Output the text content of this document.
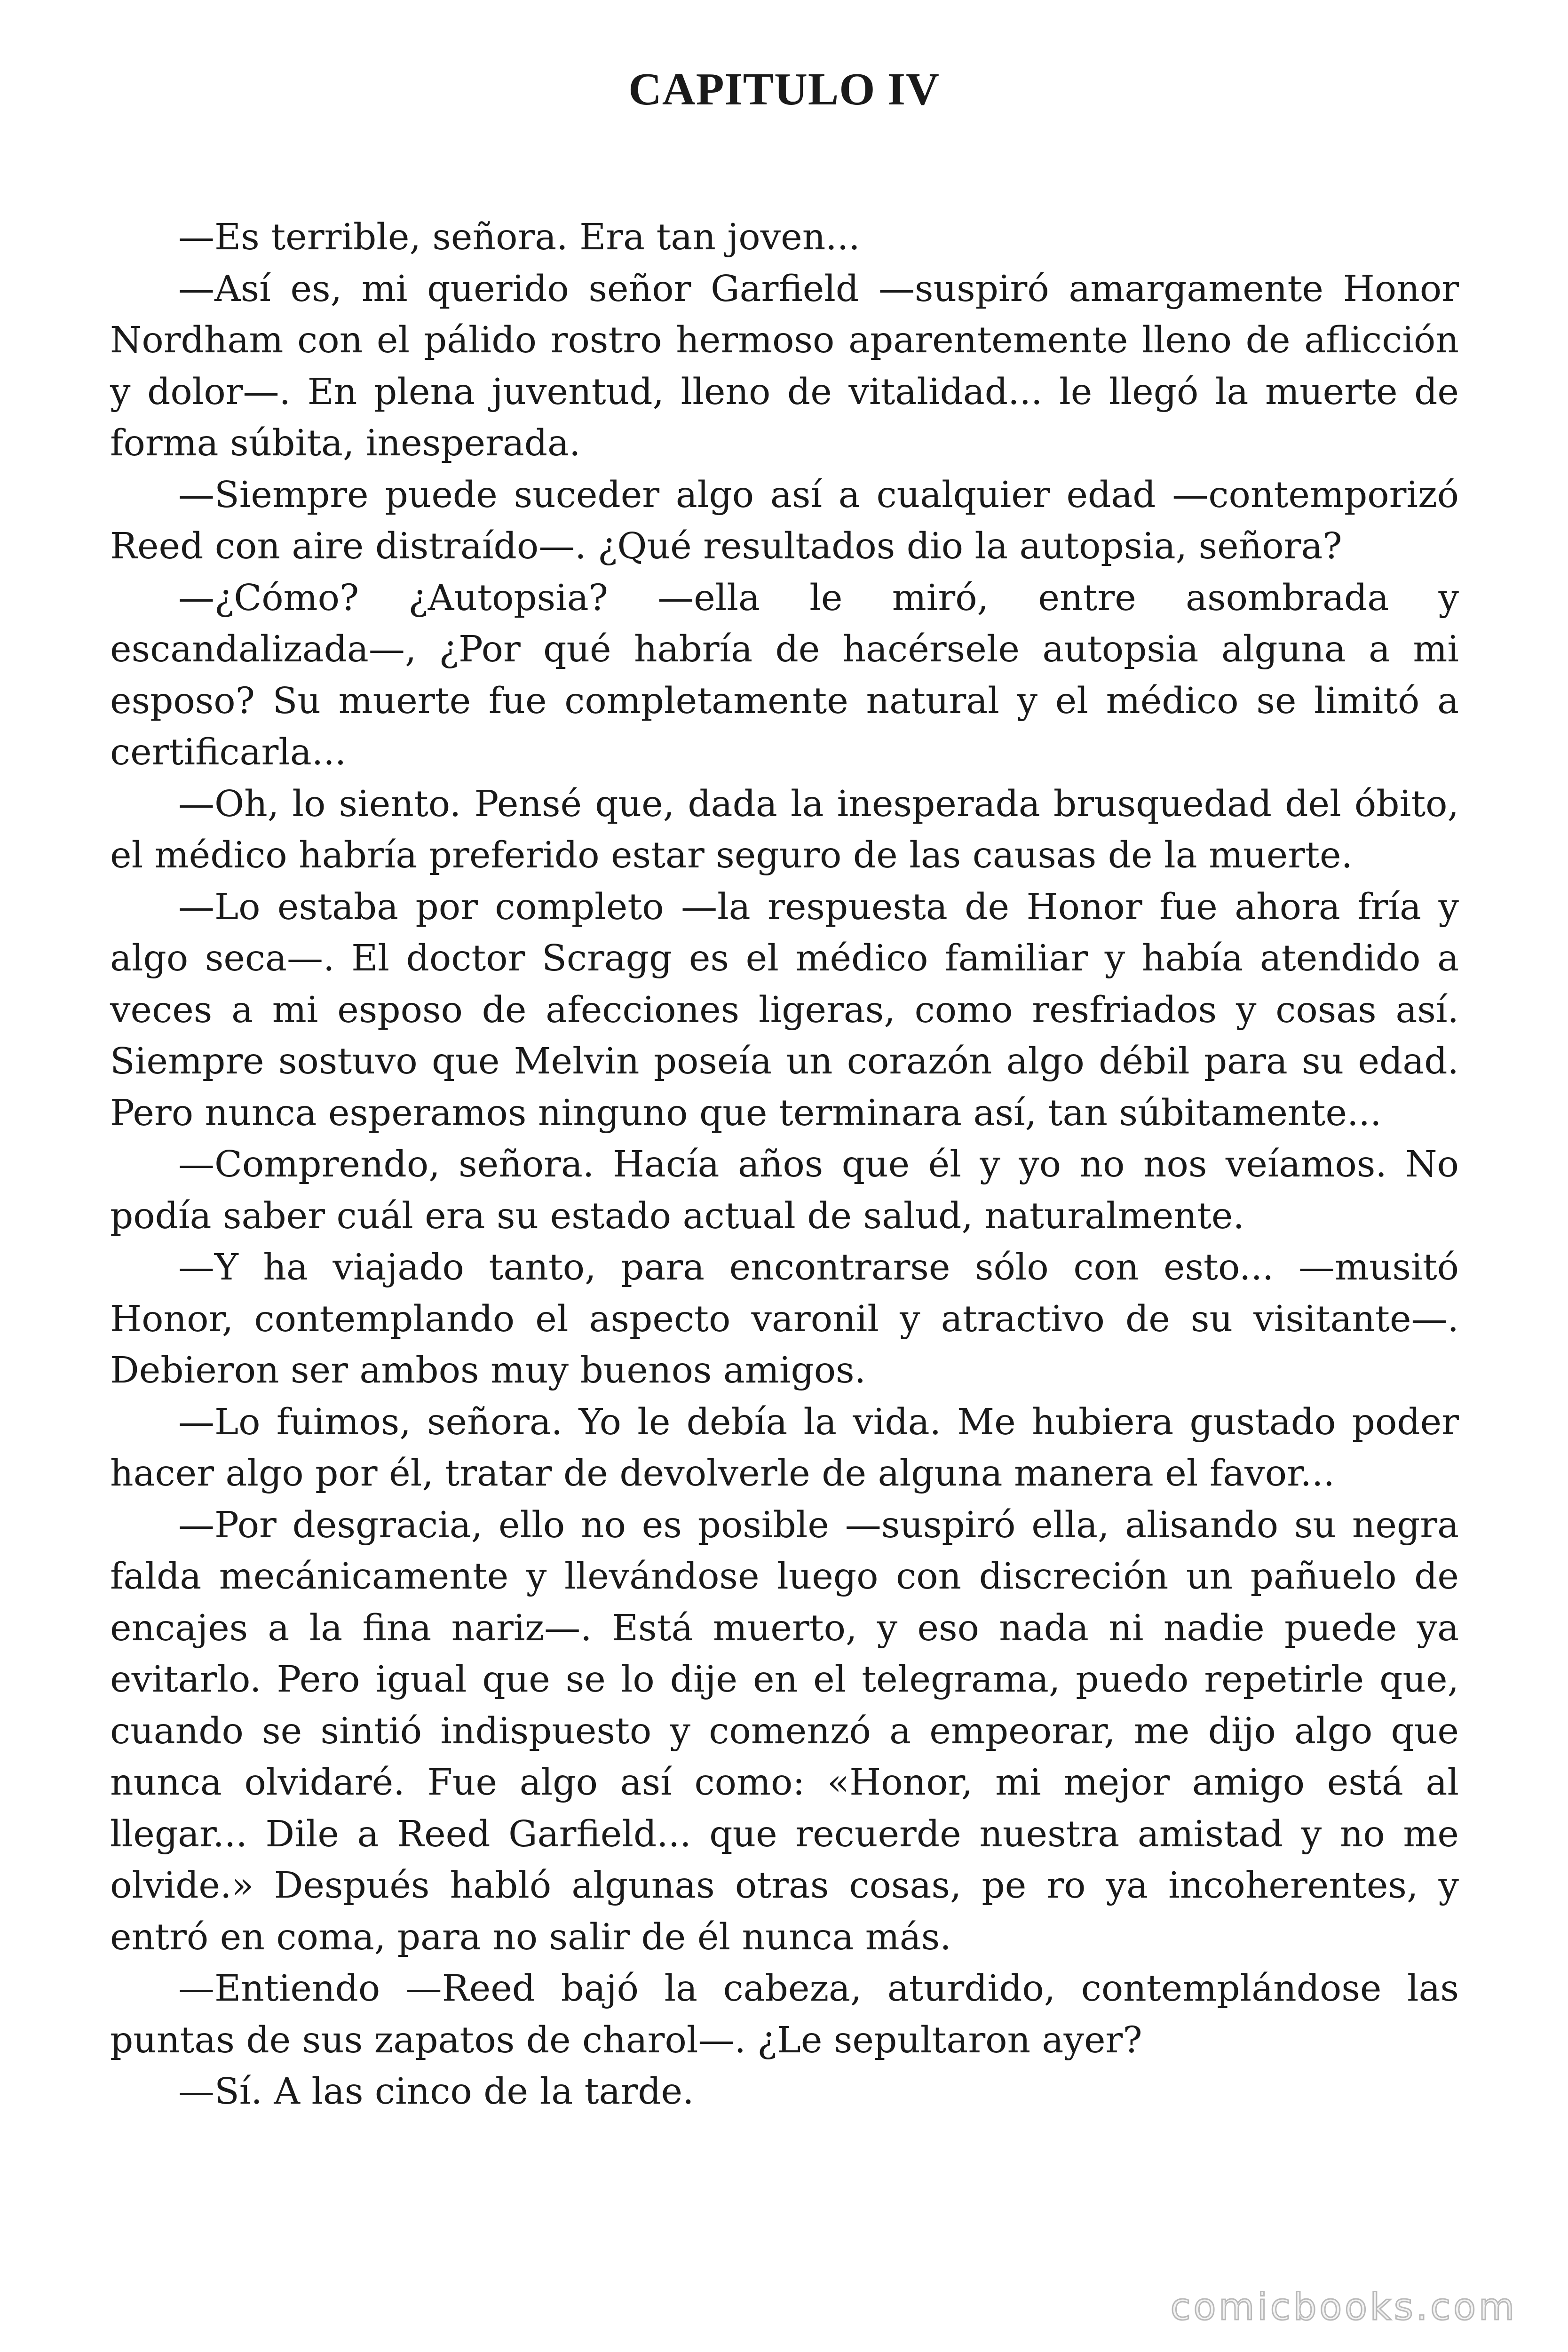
CAPITULO IV

—Es terrible, señora. Era tan joven...

—Así es, mi querido señor Garfield —suspiró amargamente Honor Nordham con el pálido rostro hermoso aparentemente lleno de aflicción y dolor—. En plena juventud, lleno de vitalidad... le llegó la muerte de forma súbita, inesperada.

—Siempre puede suceder algo así a cualquier edad —contemporizó Reed con aire distraído—. ¿Qué resultados dio la autopsia, señora?

—¿Cómo? ¿Autopsia? —ella le miró, entre asombrada y escandalizada—, ¿Por qué habría de hacérsele autopsia alguna a mi esposo? Su muerte fue completamente natural y el médico se limitó a certificarla...

—Oh, lo siento. Pensé que, dada la inesperada brusquedad del óbito, el médico habría preferido estar seguro de las causas de la muerte.

—Lo estaba por completo —la respuesta de Honor fue ahora fría y algo seca—. El doctor Scragg es el médico familiar y había atendido a veces a mi esposo de afecciones ligeras, como resfriados y cosas así. Siempre sostuvo que Melvin poseía un corazón algo débil para su edad. Pero nunca esperamos ninguno que terminara así, tan súbitamente...

—Comprendo, señora. Hacía años que él y yo no nos veíamos. No podía saber cuál era su estado actual de salud, naturalmente.

—Y ha viajado tanto, para encontrarse sólo con esto... —musitó Honor, contemplando el aspecto varonil y atractivo de su visitante—. Debieron ser ambos muy buenos amigos.

—Lo fuimos, señora. Yo le debía la vida. Me hubiera gustado poder hacer algo por él, tratar de devolverle de alguna manera el favor...

—Por desgracia, ello no es posible —suspiró ella, alisando su negra falda mecánicamente y llevándose luego con discreción un pañuelo de encajes a la fina nariz—. Está muerto, y eso nada ni nadie puede ya evitarlo. Pero igual que se lo dije en el telegrama, puedo repetirle que, cuando se sintió indispuesto y comenzó a empeorar, me dijo algo que nunca olvidaré. Fue algo así como: «Honor, mi mejor amigo está al llegar... Dile a Reed Garfield... que recuerde nuestra amistad y no me olvide.» Después habló algunas otras cosas, pe ro ya incoherentes, y entró en coma, para no salir de él nunca más.

—Entiendo —Reed bajó la cabeza, aturdido, contemplándose las puntas de sus zapatos de charol—. ¿Le sepultaron ayer?

—Sí. A las cinco de la tarde.

comicbooks.com
